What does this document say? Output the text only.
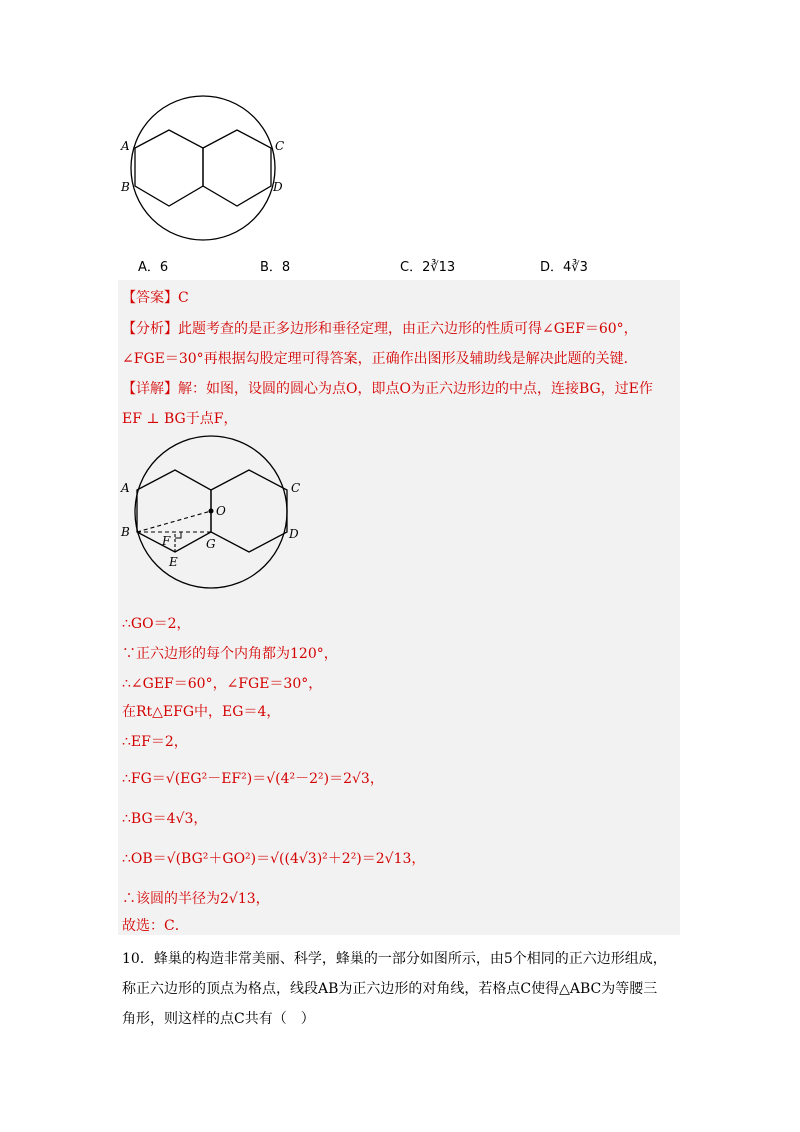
A
B
C
D
A．6	B．8	C．2∛13	D．4∛3
【答案】C
【分析】此题考查的是正多边形和垂径定理，由正六边形的性质可得∠GEF＝60°，
∠FGE＝30°再根据勾股定理可得答案，正确作出图形及辅助线是解决此题的关键．
【详解】解：如图，设圆的圆心为点O，即点O为正六边形边的中点，连接BG，过E作
EF ⊥ BG于点F，
A
B
C
D
O
F	G
E
∴GO＝2，
∵正六边形的每个内角都为120°，
∴∠GEF＝60°，∠FGE＝30°，
在Rt△EFG中，EG＝4，
∴EF＝2，
∴FG＝√(EG²－EF²)＝√(4²－2²)＝2√3，
∴BG＝4√3，
∴OB＝√(BG²＋GO²)＝√((4√3)²＋2²)＝2√13，
∴该圆的半径为2√13，
故选：C．
10．蜂巢的构造非常美丽、科学，蜂巢的一部分如图所示，由5个相同的正六边形组成，
称正六边形的顶点为格点，线段AB为正六边形的对角线，若格点C使得△ABC为等腰三
角形，则这样的点C共有（　）
